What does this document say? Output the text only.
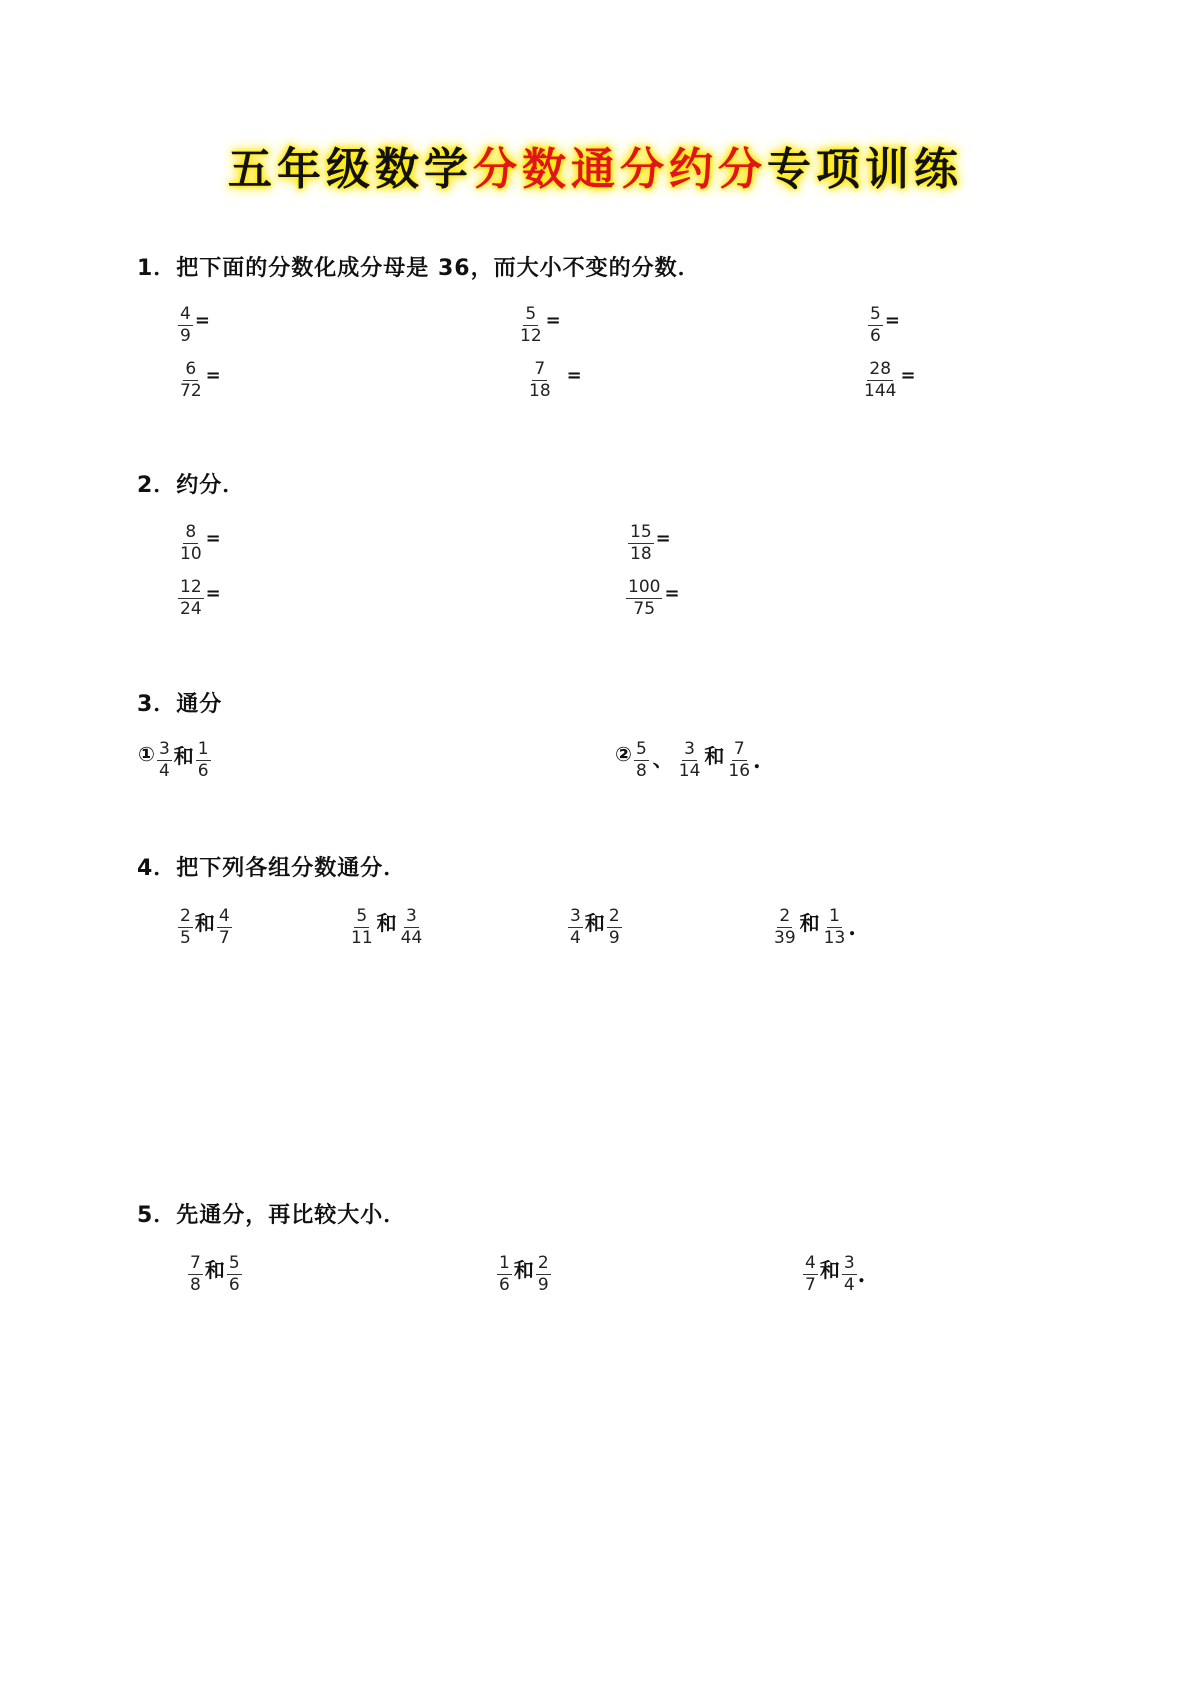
五年级数学分数通分约分专项训练
1．把下面的分数化成分母是 36，而大小不变的分数．
$\frac{4}{9}$ =	$\frac{5}{12}$ =	$\frac{5}{6}$ =
$\frac{6}{72}$ =	$\frac{7}{18}$ =	$\frac{28}{144}$ =
2．约分．
$\frac{8}{10}$ =	$\frac{15}{18}$ =
$\frac{12}{24}$ =	$\frac{100}{75}$ =
3．通分
① $\frac{3}{4}$ 和 $\frac{1}{6}$	② $\frac{5}{8}$ 、 $\frac{3}{14}$ 和 $\frac{7}{16}$ .
4．把下列各组分数通分．
$\frac{2}{5}$ 和 $\frac{4}{7}$	$\frac{5}{11}$ 和 $\frac{3}{44}$	$\frac{3}{4}$ 和 $\frac{2}{9}$	$\frac{2}{39}$ 和 $\frac{1}{13}$ .
5．先通分，再比较大小．
$\frac{7}{8}$ 和 $\frac{5}{6}$	$\frac{1}{6}$ 和 $\frac{2}{9}$	$\frac{4}{7}$ 和 $\frac{3}{4}$ .
